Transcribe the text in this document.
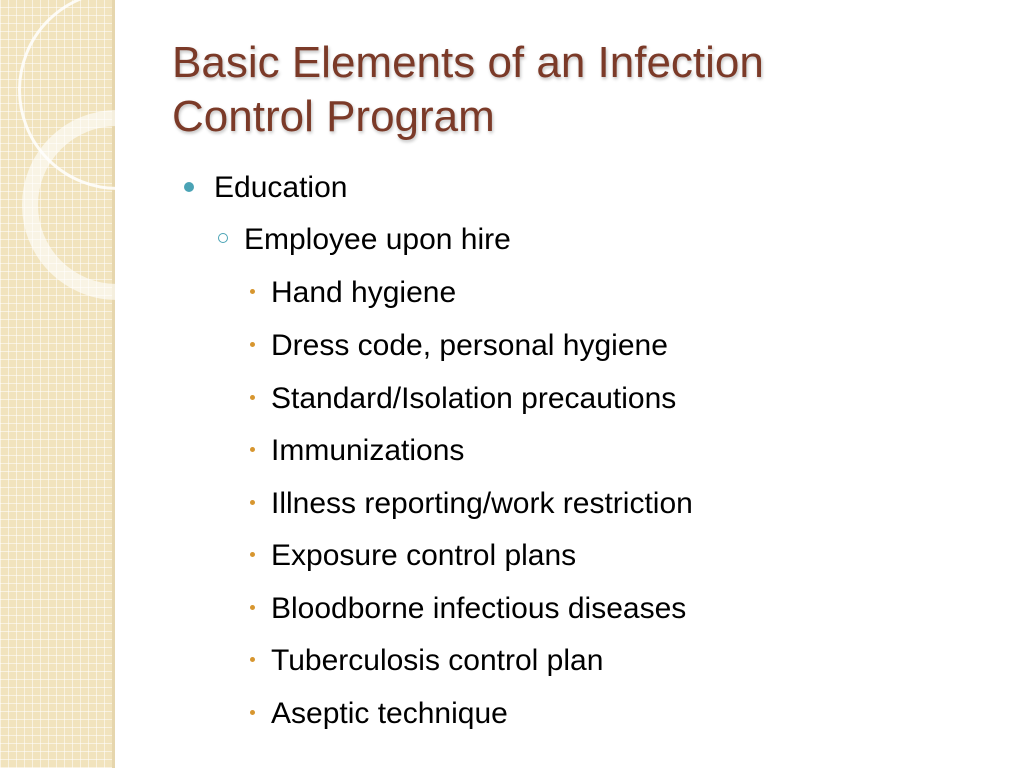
Basic Elements of an Infection
Control Program
Education
Employee upon hire
Hand hygiene
Dress code, personal hygiene
Standard/Isolation precautions
Immunizations
Illness reporting/work restriction
Exposure control plans
Bloodborne infectious diseases
Tuberculosis control plan
Aseptic technique
